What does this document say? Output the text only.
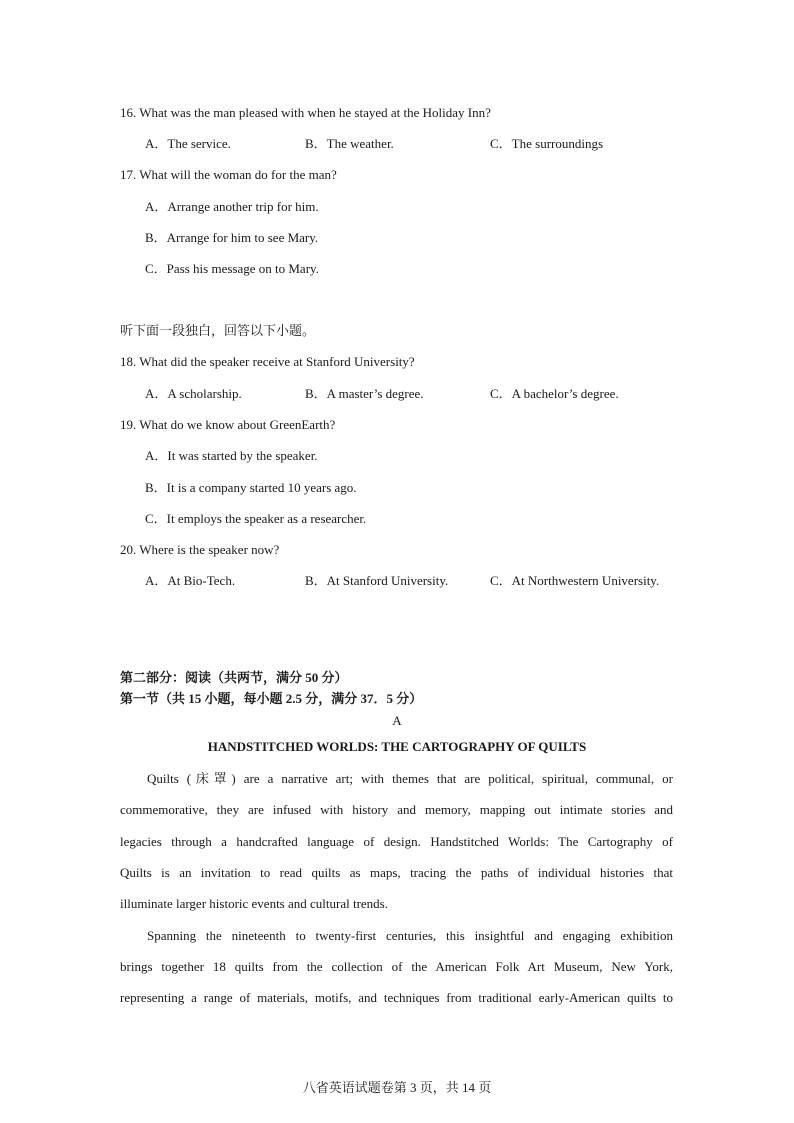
16. What was the man pleased with when he stayed at the Holiday Inn?
A．The service.	B．The weather.	C．The surroundings
17. What will the woman do for the man?
A．Arrange another trip for him.
B．Arrange for him to see Mary.
C．Pass his message on to Mary.
听下面一段独白，回答以下小题。
18. What did the speaker receive at Stanford University?
A．A scholarship.	B．A master’s degree.	C．A bachelor’s degree.
19. What do we know about GreenEarth?
A．It was started by the speaker.
B．It is a company started 10 years ago.
C．It employs the speaker as a researcher.
20. Where is the speaker now?
A．At Bio-Tech.	B．At Stanford University.	C．At Northwestern University.
第二部分：阅读（共两节，满分 50 分）
第一节（共 15 小题，每小题 2.5 分，满分 37．5 分）
A
HANDSTITCHED WORLDS: THE CARTOGRAPHY OF QUILTS
Quilts (床罩) are a narrative art; with themes that are political, spiritual, communal, or
commemorative, they are infused with history and memory, mapping out intimate stories and
legacies through a handcrafted language of design. Handstitched Worlds: The Cartography of
Quilts is an invitation to read quilts as maps, tracing the paths of individual histories that
illuminate larger historic events and cultural trends.
Spanning the nineteenth to twenty-first centuries, this insightful and engaging exhibition
brings together 18 quilts from the collection of the American Folk Art Museum, New York,
representing a range of materials, motifs, and techniques from traditional early-American quilts to
八省英语试题卷第 3 页，共 14 页
